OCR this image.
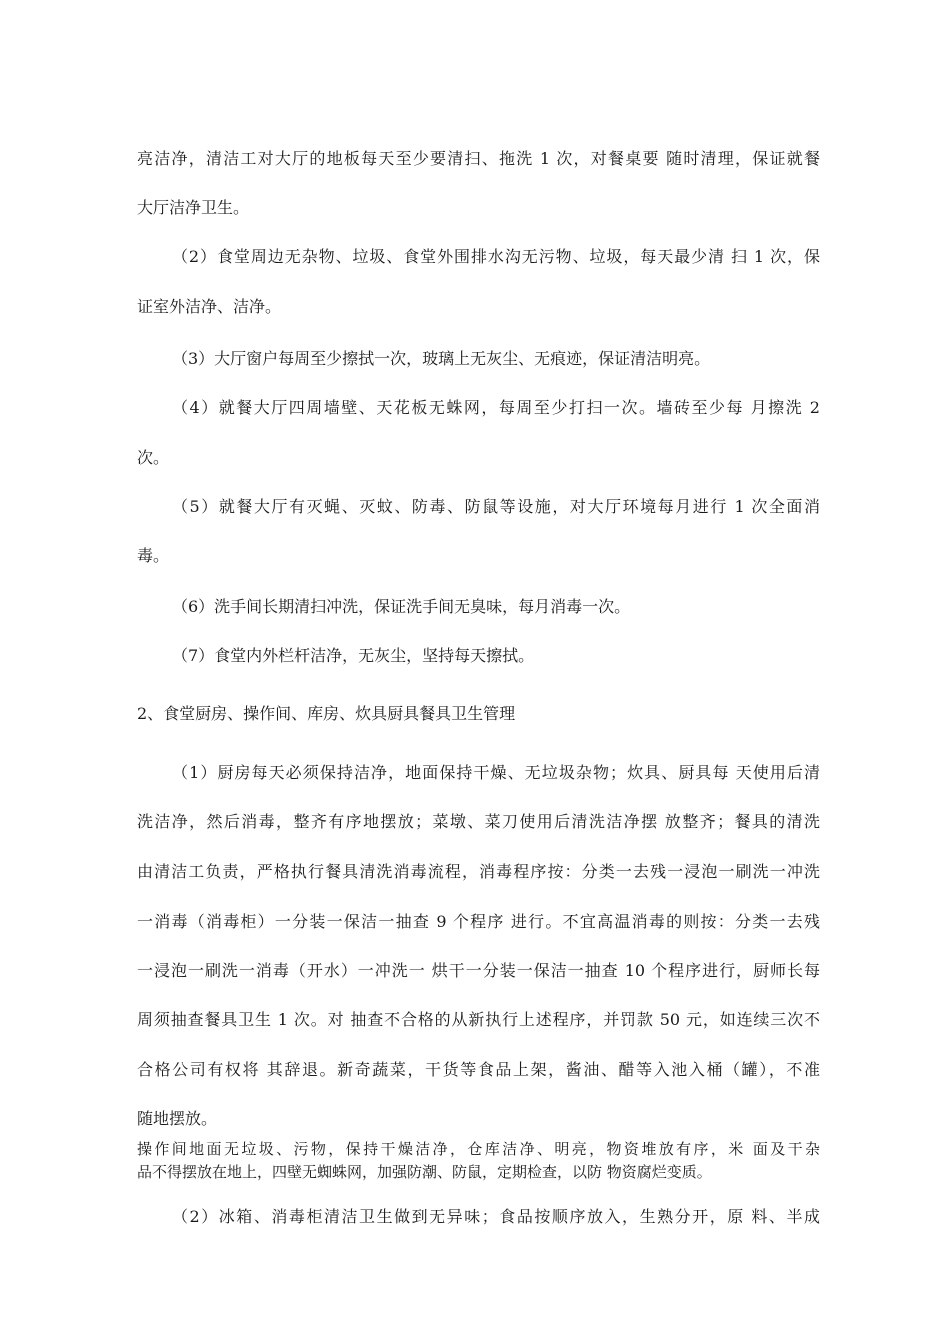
亮洁净，清洁工对大厅的地板每天至少要清扫、拖洗 1 次，对餐桌要 随时清理，保证就餐
大厅洁净卫生。
（2）食堂周边无杂物、垃圾、食堂外围排水沟无污物、垃圾，每天最少清 扫 1 次，保
证室外洁净、洁净。
（3）大厅窗户每周至少擦拭一次，玻璃上无灰尘、无痕迹，保证清洁明亮。
（4）就餐大厅四周墙壁、天花板无蛛网，每周至少打扫一次。墙砖至少每 月擦洗 2
次。
（5）就餐大厅有灭蝇、灭蚊、防毒、防鼠等设施，对大厅环境每月进行 1 次全面消
毒。
（6）洗手间长期清扫冲洗，保证洗手间无臭味，每月消毒一次。
（7）食堂内外栏杆洁净，无灰尘，坚持每天擦拭。
2、食堂厨房、操作间、库房、炊具厨具餐具卫生管理
（1）厨房每天必须保持洁净，地面保持干燥、无垃圾杂物；炊具、厨具每 天使用后清
洗洁净，然后消毒，整齐有序地摆放；菜墩、菜刀使用后清洗洁净摆 放整齐；餐具的清洗
由清洁工负责，严格执行餐具清洗消毒流程，消毒程序按：分类一去残一浸泡一刷洗一冲洗
一消毒（消毒柜）一分装一保洁一抽查 9 个程序 进行。不宜高温消毒的则按：分类一去残
一浸泡一刷洗一消毒（开水）一冲洗一 烘干一分装一保洁一抽查 10 个程序进行，厨师长每
周须抽查餐具卫生 1 次。对 抽查不合格的从新执行上述程序，并罚款 50 元，如连续三次不
合格公司有权将 其辞退。新奇蔬菜，干货等食品上架，酱油、醋等入池入桶（罐），不准
随地摆放。
操作间地面无垃圾、污物，保持干燥洁净，仓库洁净、明亮，物资堆放有序，米 面及干杂
品不得摆放在地上，四壁无蜘蛛网，加强防潮、防鼠，定期检查，以防 物资腐烂变质。
（2）冰箱、消毒柜清洁卫生做到无异味；食品按顺序放入，生熟分开，原 料、半成
